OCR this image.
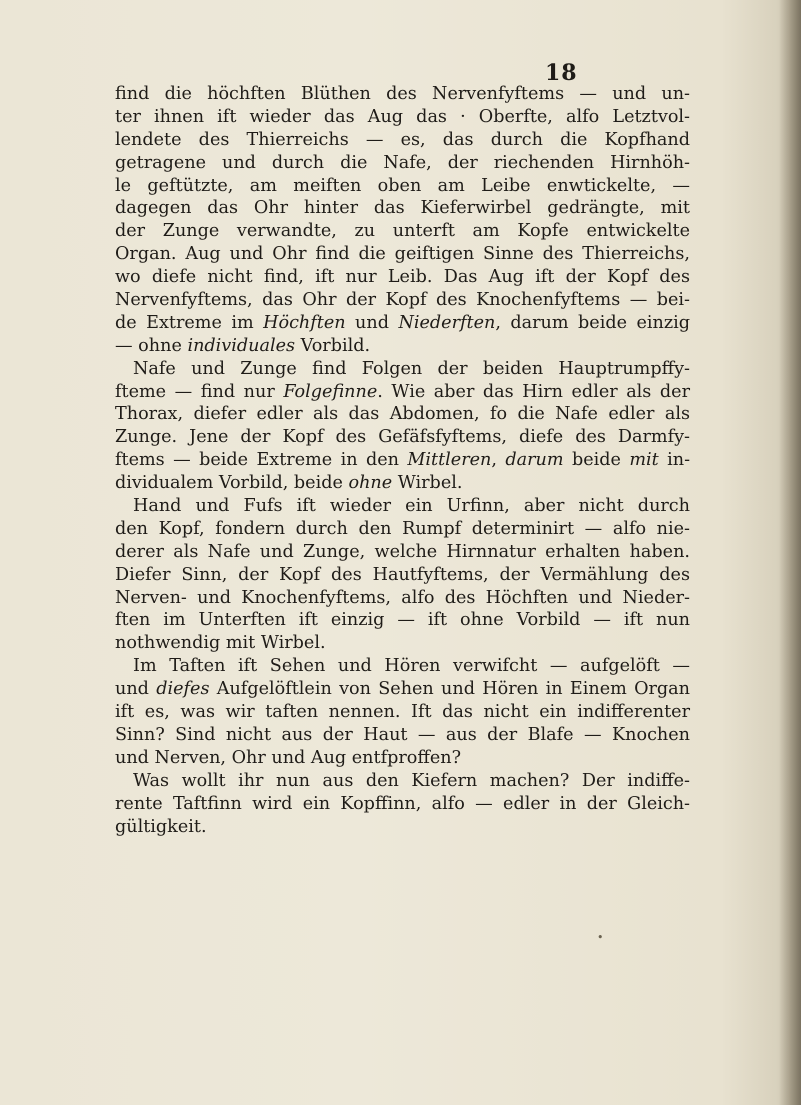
18
find die höchften Blüthen des Nervenfyftems — und un-
ter ihnen ift wieder das Aug das · Oberfte, alfo Letztvol-
lendete des Thierreichs — es, das durch die Kopfhand
getragene und durch die Nafe, der riechenden Hirnhöh-
le geftützte, am meiften oben am Leibe enwtickelte, —
dagegen das Ohr hinter das Kieferwirbel gedrängte, mit
der Zunge verwandte, zu unterft am Kopfe entwickelte
Organ. Aug und Ohr find die geiftigen Sinne des Thierreichs,
wo diefe nicht find, ift nur Leib. Das Aug ift der Kopf des
Nervenfyftems, das Ohr der Kopf des Knochenfyftems — bei-
de Extreme im Höchften und Niederften, darum beide einzig
— ohne individuales Vorbild.
Nafe und Zunge find Folgen der beiden Hauptrumpffy-
fteme — find nur Folgefinne. Wie aber das Hirn edler als der
Thorax, diefer edler als das Abdomen, fo die Nafe edler als
Zunge. Jene der Kopf des Gefäfsfyftems, diefe des Darmfy-
ftems — beide Extreme in den Mittleren, darum beide mit in-
dividualem Vorbild, beide ohne Wirbel.
Hand und Fufs ift wieder ein Urfinn, aber nicht durch
den Kopf, fondern durch den Rumpf determinirt — alfo nie-
derer als Nafe und Zunge, welche Hirnnatur erhalten haben.
Diefer Sinn, der Kopf des Hautfyftems, der Vermählung des
Nerven- und Knochenfyftems, alfo des Höchften und Nieder-
ften im Unterften ift einzig — ift ohne Vorbild — ift nun
nothwendig mit Wirbel.
Im Taften ift Sehen und Hören verwifcht — aufgelöft —
und diefes Aufgelöftlein von Sehen und Hören in Einem Organ
ift es, was wir taften nennen. Ift das nicht ein indifferenter
Sinn? Sind nicht aus der Haut — aus der Blafe — Knochen
und Nerven, Ohr und Aug entfproffen?
Was wollt ihr nun aus den Kiefern machen? Der indiffe-
rente Taftfinn wird ein Kopffinn, alfo — edler in der Gleich-
gültigkeit.
•
